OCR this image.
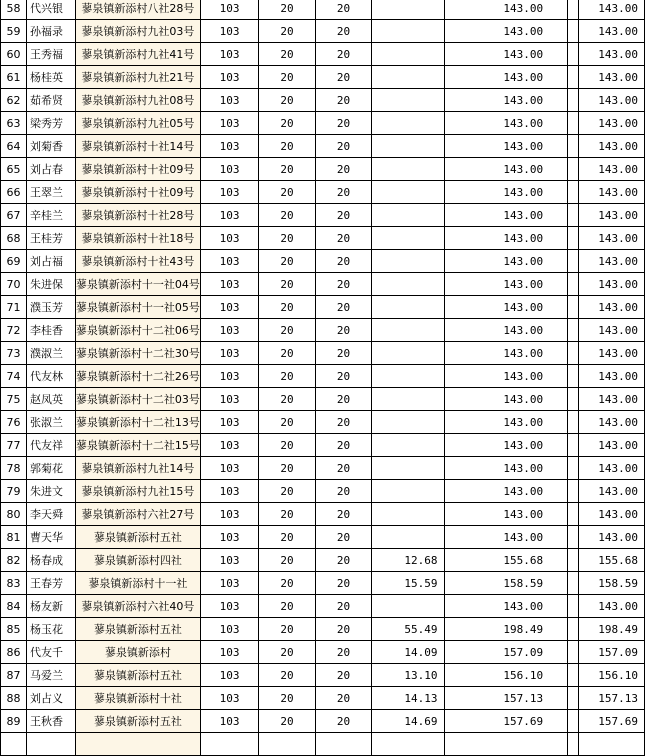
58	代兴银	蓼泉镇新添村八社28号	103	20	20		143.00		143.00
59	孙福录	蓼泉镇新添村九社03号	103	20	20		143.00		143.00
60	王秀福	蓼泉镇新添村九社41号	103	20	20		143.00		143.00
61	杨桂英	蓼泉镇新添村九社21号	103	20	20		143.00		143.00
62	茹希贤	蓼泉镇新添村九社08号	103	20	20		143.00		143.00
63	梁秀芳	蓼泉镇新添村九社05号	103	20	20		143.00		143.00
64	刘菊香	蓼泉镇新添村十社14号	103	20	20		143.00		143.00
65	刘占春	蓼泉镇新添村十社09号	103	20	20		143.00		143.00
66	王翠兰	蓼泉镇新添村十社09号	103	20	20		143.00		143.00
67	辛桂兰	蓼泉镇新添村十社28号	103	20	20		143.00		143.00
68	王桂芳	蓼泉镇新添村十社18号	103	20	20		143.00		143.00
69	刘占福	蓼泉镇新添村十社43号	103	20	20		143.00		143.00
70	朱进保	蓼泉镇新添村十一社04号	103	20	20		143.00		143.00
71	濮玉芳	蓼泉镇新添村十一社05号	103	20	20		143.00		143.00
72	李桂香	蓼泉镇新添村十二社06号	103	20	20		143.00		143.00
73	濮淑兰	蓼泉镇新添村十二社30号	103	20	20		143.00		143.00
74	代友林	蓼泉镇新添村十二社26号	103	20	20		143.00		143.00
75	赵凤英	蓼泉镇新添村十二社03号	103	20	20		143.00		143.00
76	张淑兰	蓼泉镇新添村十二社13号	103	20	20		143.00		143.00
77	代友祥	蓼泉镇新添村十二社15号	103	20	20		143.00		143.00
78	郭菊花	蓼泉镇新添村九社14号	103	20	20		143.00		143.00
79	朱进文	蓼泉镇新添村九社15号	103	20	20		143.00		143.00
80	李天舜	蓼泉镇新添村六社27号	103	20	20		143.00		143.00
81	曹天华	蓼泉镇新添村五社	103	20	20		143.00		143.00
82	杨春成	蓼泉镇新添村四社	103	20	20	12.68	155.68		155.68
83	王春芳	蓼泉镇新添村十一社	103	20	20	15.59	158.59		158.59
84	杨友新	蓼泉镇新添村六社40号	103	20	20		143.00		143.00
85	杨玉花	蓼泉镇新添村五社	103	20	20	55.49	198.49		198.49
86	代友千	蓼泉镇新添村	103	20	20	14.09	157.09		157.09
87	马爱兰	蓼泉镇新添村五社	103	20	20	13.10	156.10		156.10
88	刘占义	蓼泉镇新添村十社	103	20	20	14.13	157.13		157.13
89	王秋香	蓼泉镇新添村五社	103	20	20	14.69	157.69		157.69
